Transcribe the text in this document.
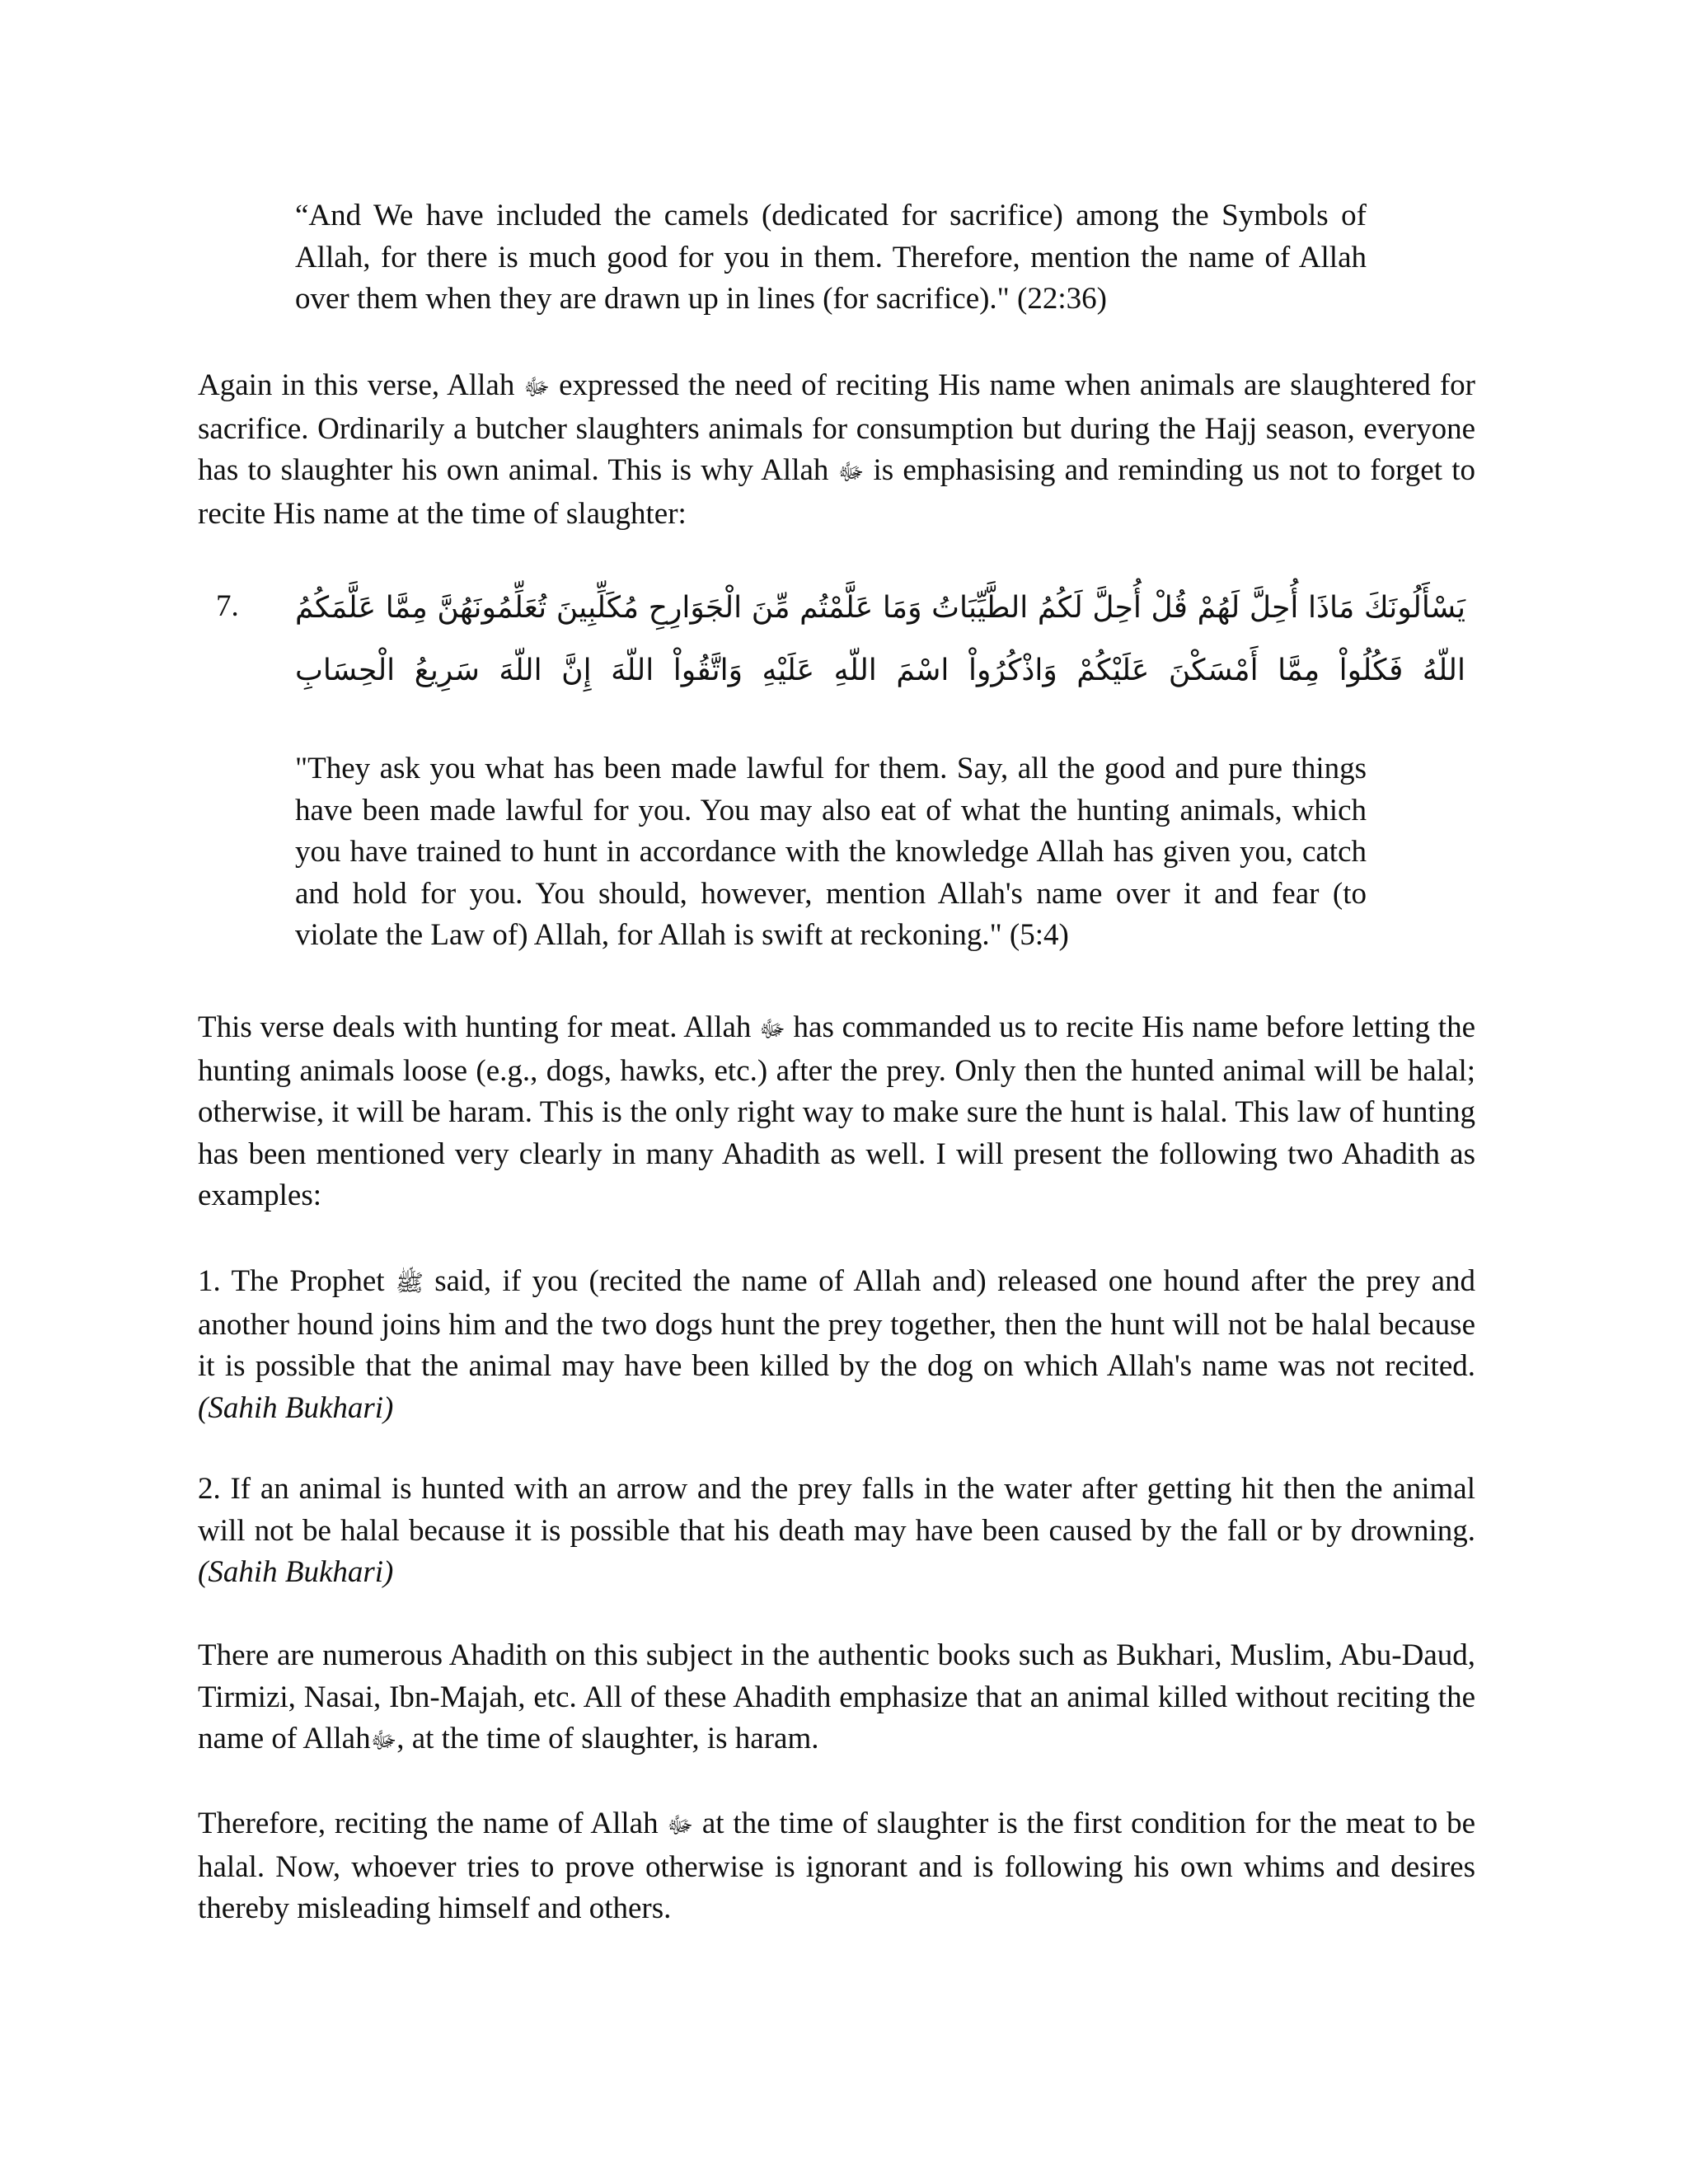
“And We have included the camels (dedicated for sacrifice) among the Symbols of Allah, for there is much good for you in them. Therefore, mention the name of Allah over them when they are drawn up in lines (for sacrifice)." (22:36)

Again in this verse, Allah ﷻ expressed the need of reciting His name when animals are slaughtered for sacrifice. Ordinarily a butcher slaughters animals for consumption but during the Hajj season, everyone has to slaughter his own animal. This is why Allah ﷻ is emphasising and reminding us not to forget to recite His name at the time of slaughter:

7. يَسْأَلُونَكَ مَاذَا أُحِلَّ لَهُمْ قُلْ أُحِلَّ لَكُمُ الطَّيِّبَاتُ وَمَا عَلَّمْتُم مِّنَ الْجَوَارِحِ مُكَلِّبِينَ تُعَلِّمُونَهُنَّ مِمَّا عَلَّمَكُمُ اللّهُ فَكُلُواْ مِمَّا أَمْسَكْنَ عَلَيْكُمْ وَاذْكُرُواْ اسْمَ اللّهِ عَلَيْهِ وَاتَّقُواْ اللّهَ إِنَّ اللّهَ سَرِيعُ الْحِسَابِ

"They ask you what has been made lawful for them. Say, all the good and pure things have been made lawful for you. You may also eat of what the hunting animals, which you have trained to hunt in accordance with the knowledge Allah has given you, catch and hold for you. You should, however, mention Allah's name over it and fear (to violate the Law of) Allah, for Allah is swift at reckoning." (5:4)

This verse deals with hunting for meat. Allah ﷻ has commanded us to recite His name before letting the hunting animals loose (e.g., dogs, hawks, etc.) after the prey. Only then the hunted animal will be halal; otherwise, it will be haram. This is the only right way to make sure the hunt is halal. This law of hunting has been mentioned very clearly in many Ahadith as well. I will present the following two Ahadith as examples:

1. The Prophet ﷺ said, if you (recited the name of Allah and) released one hound after the prey and another hound joins him and the two dogs hunt the prey together, then the hunt will not be halal because it is possible that the animal may have been killed by the dog on which Allah's name was not recited. (Sahih Bukhari)

2. If an animal is hunted with an arrow and the prey falls in the water after getting hit then the animal will not be halal because it is possible that his death may have been caused by the fall or by drowning. (Sahih Bukhari)

There are numerous Ahadith on this subject in the authentic books such as Bukhari, Muslim, Abu-Daud, Tirmizi, Nasai, Ibn-Majah, etc. All of these Ahadith emphasize that an animal killed without reciting the name of Allahﷻ, at the time of slaughter, is haram.

Therefore, reciting the name of Allah ﷻ at the time of slaughter is the first condition for the meat to be halal. Now, whoever tries to prove otherwise is ignorant and is following his own whims and desires thereby misleading himself and others.
